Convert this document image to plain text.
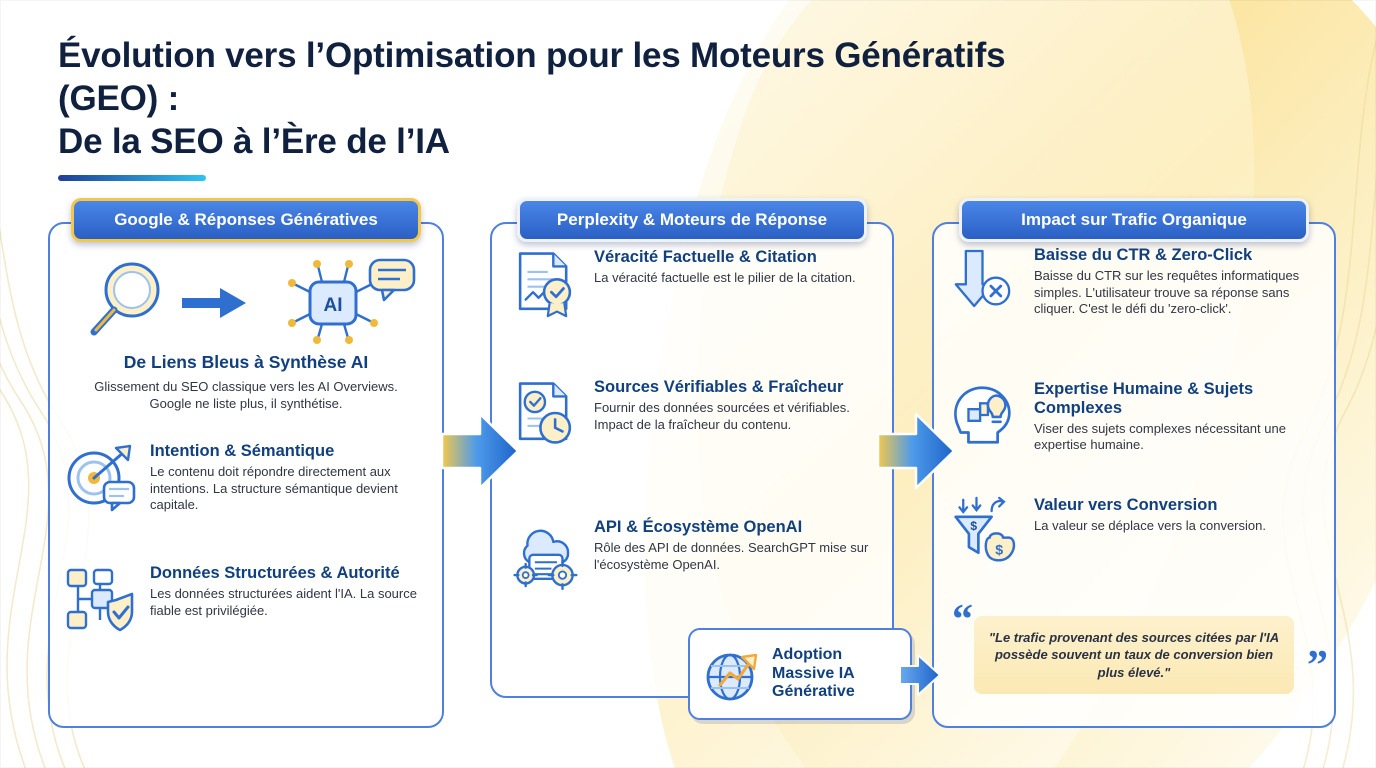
Évolution vers l’Optimisation pour les Moteurs Génératifs (GEO) :
De la SEO à l’Ère de l’IA
Google & Réponses Génératives
AI
De Liens Bleus à Synthèse AI

Glissement du SEO classique vers les AI Overviews. Google ne liste plus, il synthétise.

Intention & Sémantique

Le contenu doit répondre directement aux intentions. La structure sémantique devient capitale.

Données Structurées & Autorité

Les données structurées aident l'IA. La source fiable est privilégiée.

Perplexity & Moteurs de Réponse
Véracité Factuelle & Citation

La véracité factuelle est le pilier de la citation.

Sources Vérifiables & Fraîcheur

Fournir des données sourcées et vérifiables. Impact de la fraîcheur du contenu.

API & Écosystème OpenAI

Rôle des API de données. SearchGPT mise sur l'écosystème OpenAI.

Impact sur Trafic Organique
Baisse du CTR & Zero-Click

Baisse du CTR sur les requêtes informatiques simples. L'utilisateur trouve sa réponse sans cliquer. C'est le défi du 'zero-click'.

Expertise Humaine & Sujets Complexes

Viser des sujets complexes nécessitant une expertise humaine.

$
$
Valeur vers Conversion

La valeur se déplace vers la conversion.

“ "Le trafic provenant des sources citées par l'IA possède souvent un taux de conversion bien plus élevé."	”
Adoption
Massive IA
Générative
